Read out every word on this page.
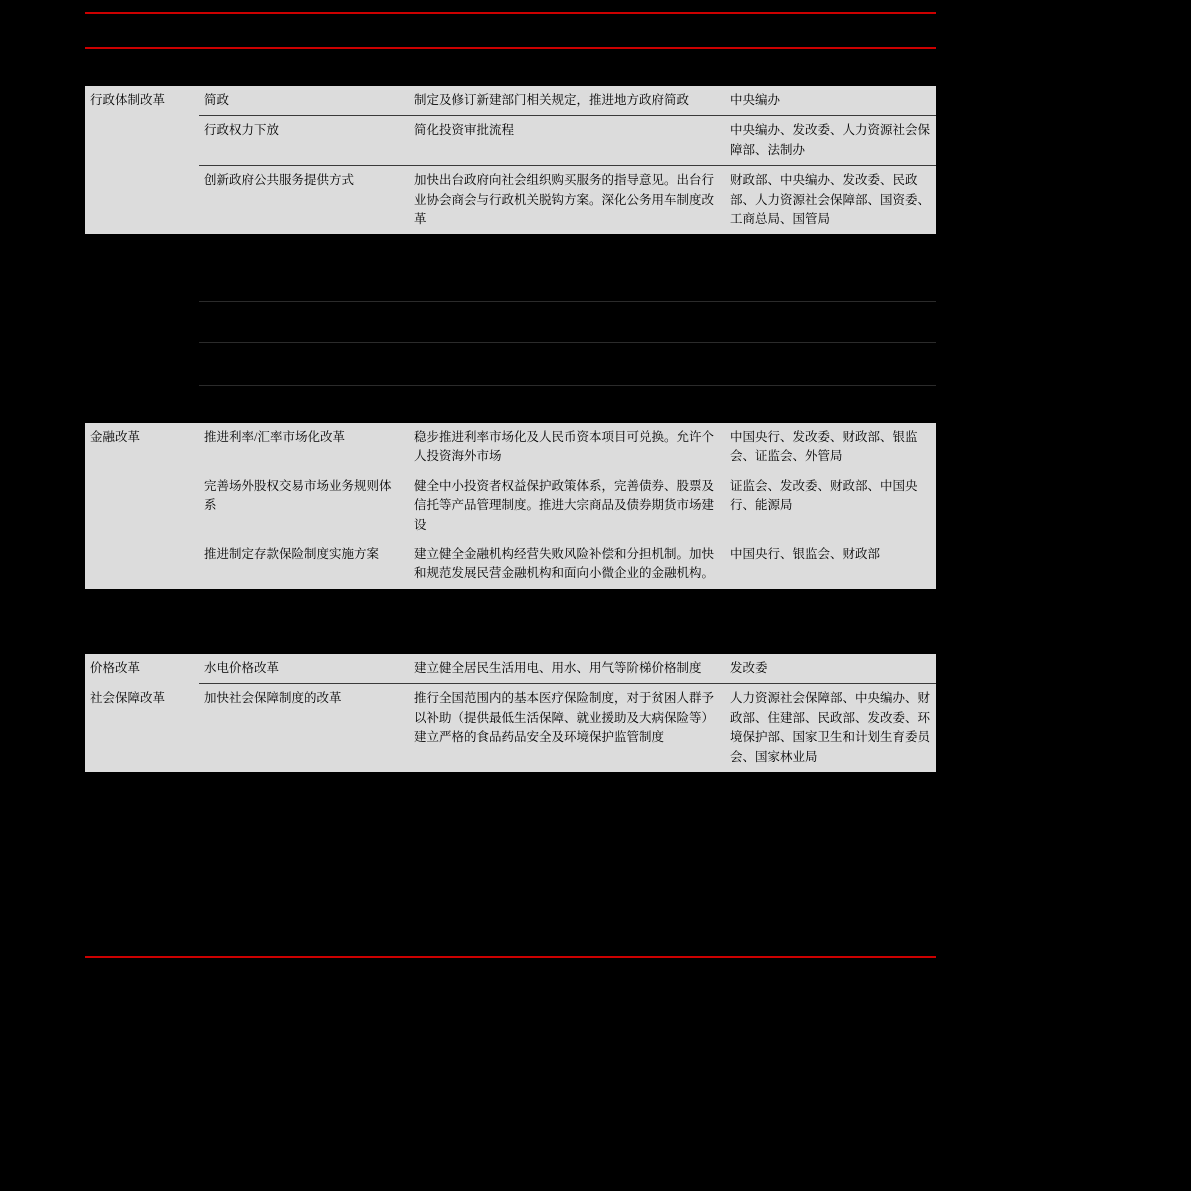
行政体制改革	简政	制定及修订新建部门相关规定，推进地方政府简政	中央编办
	行政权力下放	简化投资审批流程	中央编办、发改委、人力资源社会保障部、法制办
	创新政府公共服务提供方式	加快出台政府向社会组织购买服务的指导意见。出台行业协会商会与行政机关脱钩方案。深化公务用车制度改革	财政部、中央编办、发改委、民政部、人力资源社会保障部、国资委、工商总局、国管局
金融改革	推进利率/汇率市场化改革	稳步推进利率市场化及人民币资本项目可兑换。允许个人投资海外市场	中国央行、发改委、财政部、银监会、证监会、外管局
	完善场外股权交易市场业务规则体系	健全中小投资者权益保护政策体系，完善债券、股票及信托等产品管理制度。推进大宗商品及债券期货市场建设	证监会、发改委、财政部、中国央行、能源局
	推进制定存款保险制度实施方案	建立健全金融机构经营失败风险补偿和分担机制。加快和规范发展民营金融机构和面向小微企业的金融机构。	中国央行、银监会、财政部
价格改革	水电价格改革	建立健全居民生活用电、用水、用气等阶梯价格制度	发改委
社会保障改革	加快社会保障制度的改革	推行全国范围内的基本医疗保险制度，对于贫困人群予以补助（提供最低生活保障、就业援助及大病保险等）建立严格的食品药品安全及环境保护监管制度	人力资源社会保障部、中央编办、财政部、住建部、民政部、发改委、环境保护部、国家卫生和计划生育委员会、国家林业局
